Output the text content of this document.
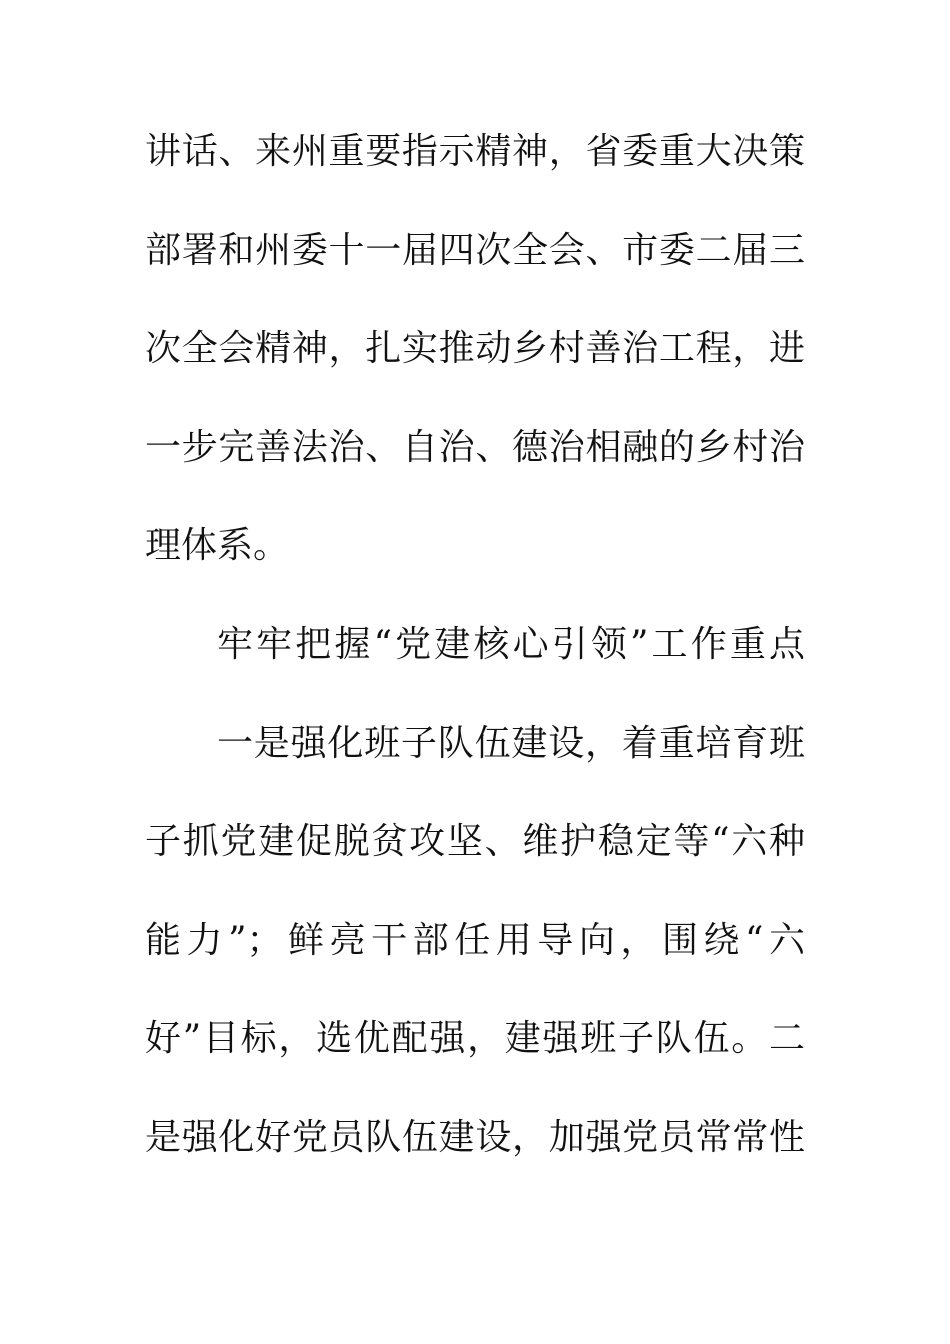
讲话、来州重要指示精神，省委重大决策
部署和州委十一届四次全会、市委二届三
次全会精神，扎实推动乡村善治工程，进
一步完善法治、自治、德治相融的乡村治
理体系。
牢牢把握“党建核心引领”工作重点
一是强化班子队伍建设，着重培育班
子抓党建促脱贫攻坚、维护稳定等“六种
能力”；鲜亮干部任用导向，围绕“六
好”目标，选优配强，建强班子队伍。二
是强化好党员队伍建设，加强党员常常性
